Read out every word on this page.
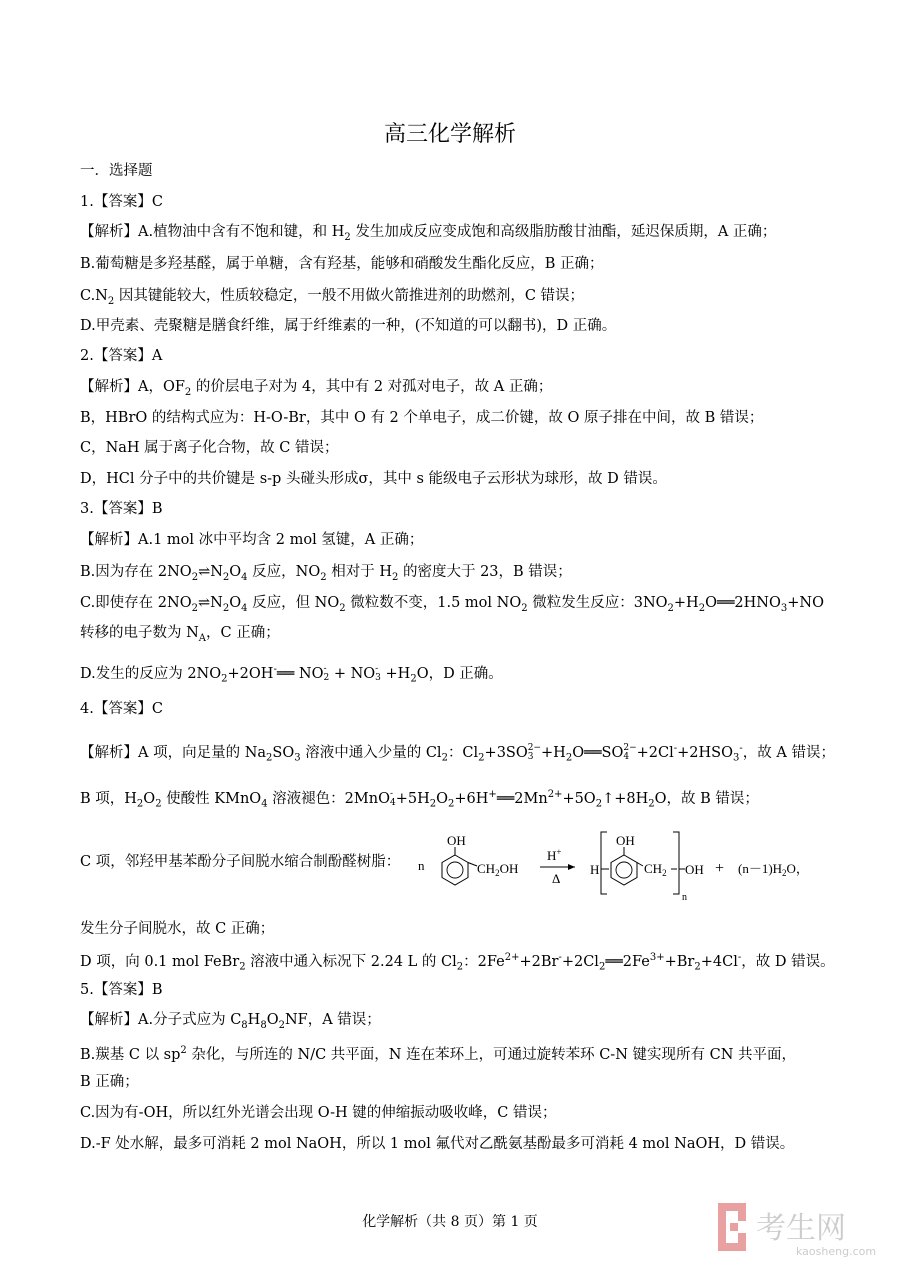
高三化学解析
一．选择题
1.【答案】C
【解析】A.植物油中含有不饱和键，和 $H_2$ 发生加成反应变成饱和高级脂肪酸甘油酯，延迟保质期，A 正确；
B.葡萄糖是多羟基醛，属于单糖，含有羟基，能够和硝酸发生酯化反应，B 正确；
$C.N_2$ 因其键能较大，性质较稳定，一般不用做火箭推进剂的助燃剂，C 错误；
D.甲壳素、壳聚糖是膳食纤维，属于纤维素的一种，(不知道的可以翻书)，D 正确。
2.【答案】A
【解析】A，$OF_2$ 的价层电子对为 4，其中有 2 对孤对电子，故 A 正确；
B，HBrO 的结构式应为：H-O-Br，其中 O 有 2 个单电子，成二价键，故 O 原子排在中间，故 B 错误；
C，NaH 属于离子化合物，故 C 错误；
D，HCl 分子中的共价键是 s-p 头碰头形成σ，其中 s 能级电子云形状为球形，故 D 错误。
3.【答案】B
【解析】A.1 mol 冰中平均含 2 mol 氢键，A 正确；
B.因为存在 $2NO_2\rightleftharpoons N_2O_4$ 反应，$NO_2$ 相对于 $H_2$ 的密度大于 23，B 错误；
C.即使存在 $2NO_2\rightleftharpoons N_2O_4$ 反应，但 $NO_2$ 微粒数不变，1.5 mol $NO_2$ 微粒发生反应：$3NO_2+H_2O══2HNO_3+NO$
转移的电子数为 $N_A$，C 正确；
D.发生的反应为 $2NO_2+2OH^-══$ NO -
2 + NO -
$3 +H_2O$，D 正确。
4.【答案】C
【解析】A 项，向足量的 $Na_2SO_3$ 溶液中通入少量的 $Cl_2$：$Cl_2+3SO$ 2−
$3 +H_2O══SO$ 2−
$4 +2Cl^-+2HSO_3^-$，故 A 错误；
B 项，$H_2O_2$ 使酸性 KMnO$_4$ 溶液褪色：2MnO -
$4 +5H_2O_2+6H^+══2Mn^{2+}+5O_2↑+8H_2O$，故 B 错误；
C 项，邻羟甲基苯酚分子间脱水缩合制酚醛树脂： n
OH
$CH_2OH$
H+
Δ
H
OH
$CH_2$
n
OH + $(n-1)H_2O$，
发生分子间脱水，故 C 正确；
D 项，向 0.1 mol FeBr$_2$ 溶液中通入标况下 2.24 L 的 $Cl_2$：$2Fe^{2+}+2Br^-+2Cl_2══2Fe^{3+}+Br_2+4Cl^-$，故 D 错误。
5.【答案】B
【解析】A.分子式应为 $C_8H_8O_2NF$，A 错误；
B.羰基 C 以 $sp^2$ 杂化，与所连的 N/C 共平面，N 连在苯环上，可通过旋转苯环 C-N 键实现所有 CN 共平面，
B 正确；
C.因为有-OH，所以红外光谱会出现 O-H 键的伸缩振动吸收峰，C 错误；
D.-F 处水解，最多可消耗 2 mol NaOH，所以 1 mol 氟代对乙酰氨基酚最多可消耗 4 mol NaOH，D 错误。
化学解析（共 8 页）第 1 页	考生网
kaosheng.com
